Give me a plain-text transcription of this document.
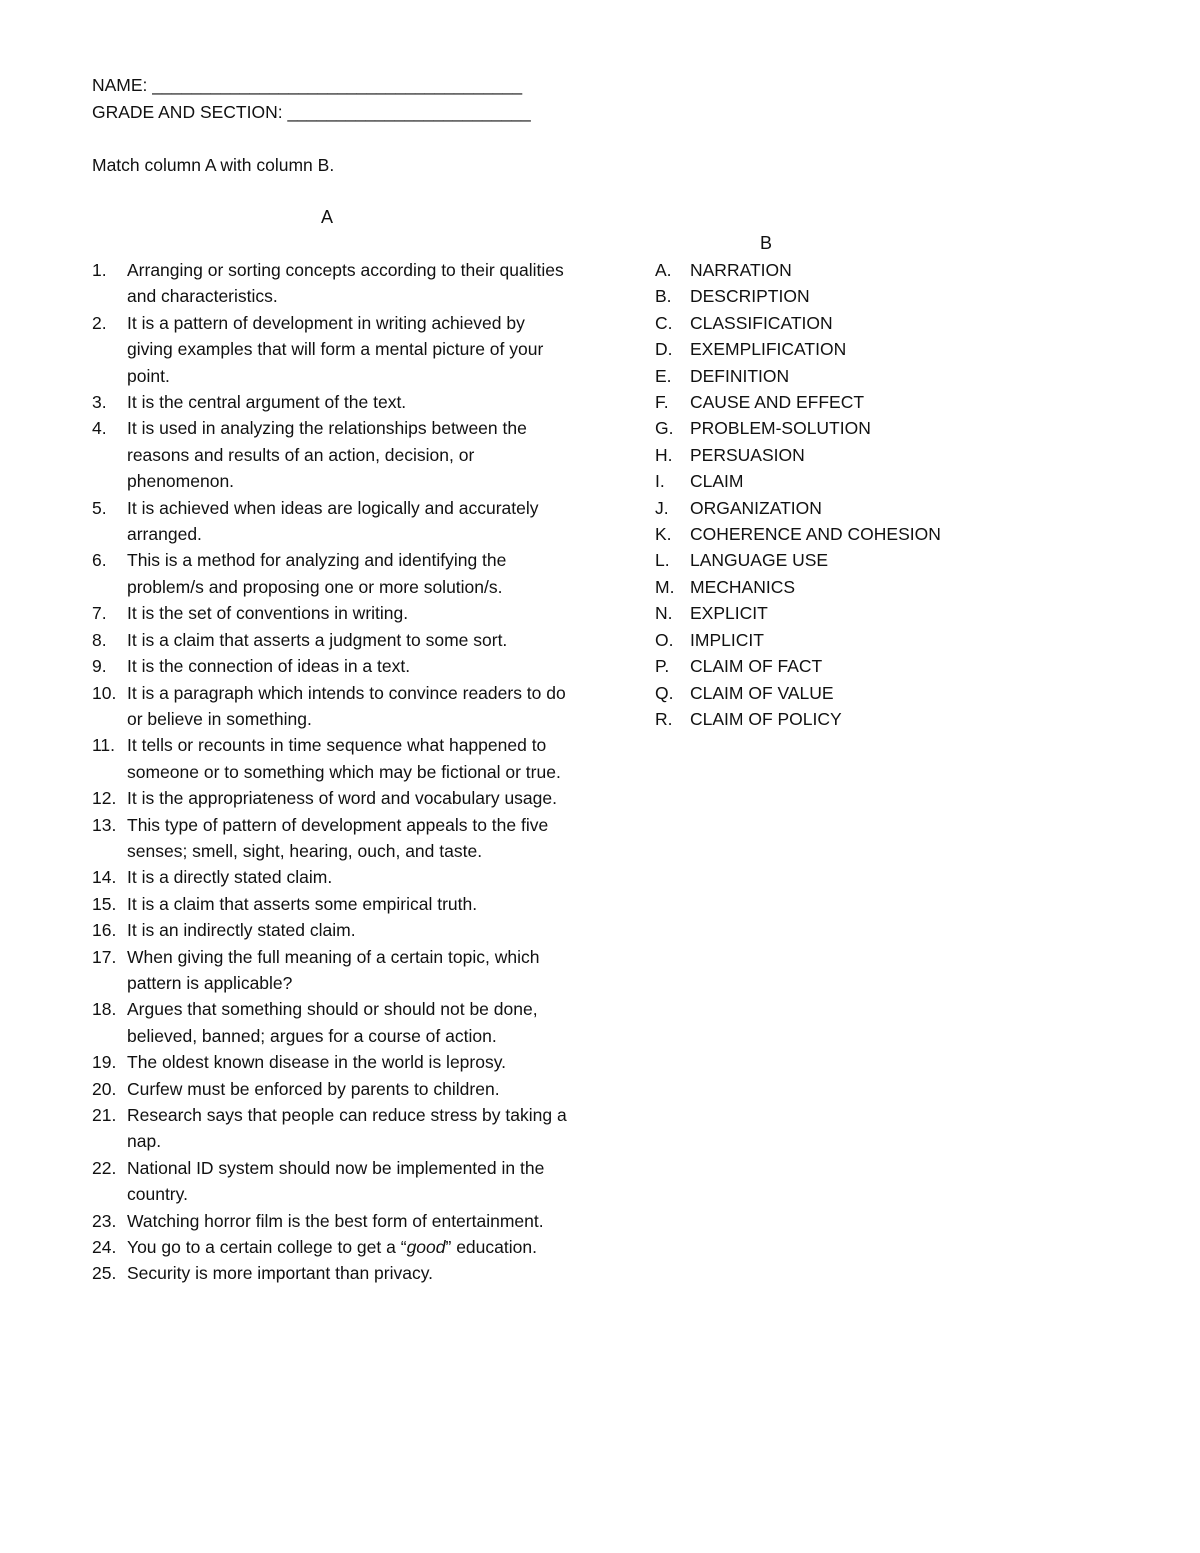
NAME: ______________________________________
GRADE AND SECTION: _________________________
Match column A with column B.
A
B
1.	Arranging or sorting concepts according to their qualities and characteristics.
2.	It is a pattern of development in writing achieved by giving examples that will form a mental picture of your point.
3.	It is the central argument of the text.
4.	It is used in analyzing the relationships between the reasons and results of an action, decision, or phenomenon.
5.	It is achieved when ideas are logically and accurately arranged.
6.	This is a method for analyzing and identifying the problem/s and proposing one or more solution/s.
7.	It is the set of conventions in writing.
8.	It is a claim that asserts a judgment to some sort.
9.	It is the connection of ideas in a text.
10. It is a paragraph which intends to convince readers to do or believe in something.
11. It tells or recounts in time sequence what happened to someone or to something which may be fictional or true.
12. It is the appropriateness of word and vocabulary usage.
13. This type of pattern of development appeals to the five senses; smell, sight, hearing, ouch, and taste.
14. It is a directly stated claim.
15. It is a claim that asserts some empirical truth.
16. It is an indirectly stated claim.
17. When giving the full meaning of a certain topic, which pattern is applicable?
18. Argues that something should or should not be done, believed, banned; argues for a course of action.
19. The oldest known disease in the world is leprosy.
20. Curfew must be enforced by parents to children.
21. Research says that people can reduce stress by taking a nap.
22. National ID system should now be implemented in the country.
23. Watching horror film is the best form of entertainment.
24. You go to a certain college to get a “good” education.
25. Security is more important than privacy.
A.	NARRATION
B.	DESCRIPTION
C.	CLASSIFICATION
D.	EXEMPLIFICATION
E.	DEFINITION
F.	CAUSE AND EFFECT
G. PROBLEM-SOLUTION
H.	PERSUASION
I.	CLAIM
J.	ORGANIZATION
K.	COHERENCE AND COHESION
L.	LANGUAGE USE
M. MECHANICS
N.	EXPLICIT
O. IMPLICIT
P.	CLAIM OF FACT
Q. CLAIM OF VALUE
R.	CLAIM OF POLICY
